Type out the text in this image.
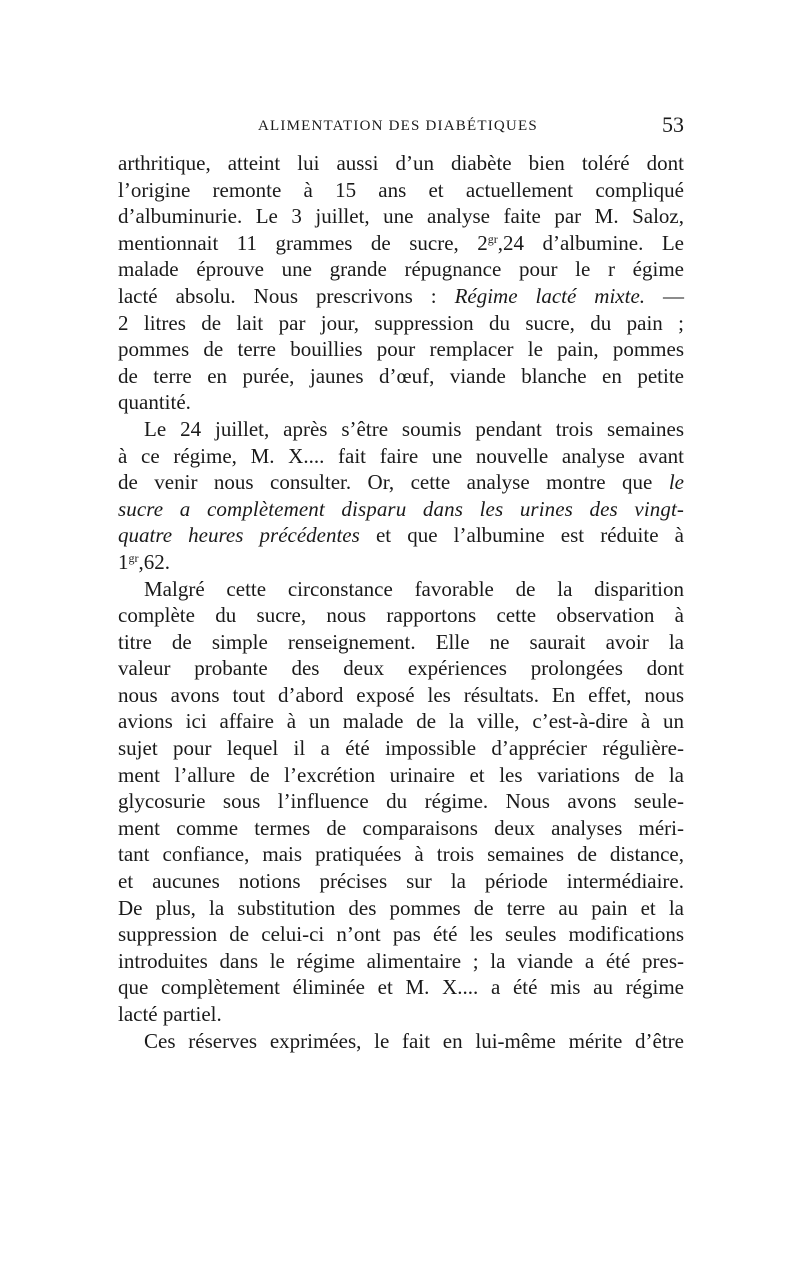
ALIMENTATION DES DIABÉTIQUES	53
arthritique, atteint lui aussi d’un diabète bien toléré dont
l’origine remonte à 15 ans et actuellement compliqué
d’albuminurie. Le 3 juillet, une analyse faite par M. Saloz,
mentionnait 11 grammes de sucre, $2^{gr},24$ d’albumine. Le
malade éprouve une grande répugnance pour le r égime
lacté absolu. Nous prescrivons : Régime lacté mixte. —
2 litres de lait par jour, suppression du sucre, du pain ;
pommes de terre bouillies pour remplacer le pain, pommes
de terre en purée, jaunes d’œuf, viande blanche en petite
quantité.
Le 24 juillet, après s’être soumis pendant trois semaines
à ce régime, M. X.... fait faire une nouvelle analyse avant
de venir nous consulter. Or, cette analyse montre que le
sucre a complètement disparu dans les urines des vingt-
quatre heures précédentes et que l’albumine est réduite à
$1^{gr},62$.
Malgré cette circonstance favorable de la disparition
complète du sucre, nous rapportons cette observation à
titre de simple renseignement. Elle ne saurait avoir la
valeur probante des deux expériences prolongées dont
nous avons tout d’abord exposé les résultats. En effet, nous
avions ici affaire à un malade de la ville, c’est-à-dire à un
sujet pour lequel il a été impossible d’apprécier régulière-
ment l’allure de l’excrétion urinaire et les variations de la
glycosurie sous l’influence du régime. Nous avons seule-
ment comme termes de comparaisons deux analyses méri-
tant confiance, mais pratiquées à trois semaines de distance,
et aucunes notions précises sur la période intermédiaire.
De plus, la substitution des pommes de terre au pain et la
suppression de celui-ci n’ont pas été les seules modifications
introduites dans le régime alimentaire ; la viande a été pres-
que complètement éliminée et M. X.... a été mis au régime
lacté partiel.
Ces réserves exprimées, le fait en lui-même mérite d’être
